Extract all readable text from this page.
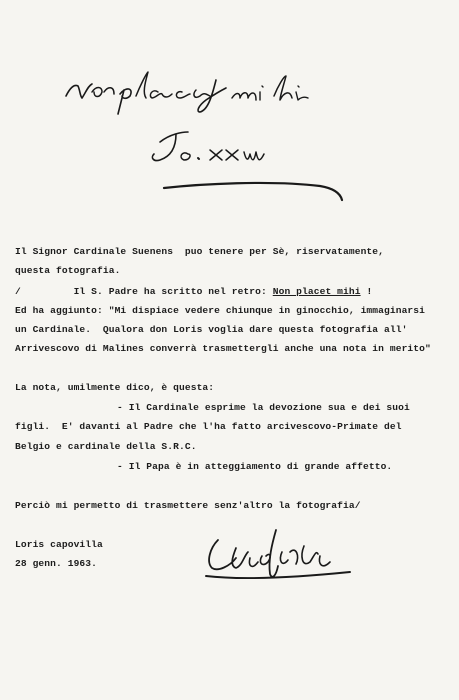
Il Signor Cardinale Suenens  puo tenere per Sè, riservatamente,
questa fotografia.
/	Il S. Padre ha scritto nel retro: Non placet mihi !
Ed ha aggiunto: "Mi dispiace vedere chiunque in ginocchio, immaginarsi
un Cardinale.  Qualora don Loris voglia dare questa fotografia all'
Arrivescovo di Malines converrà trasmettergli anche una nota in merito"
La nota, umilmente dico, è questa:
- Il Cardinale esprime la devozione sua e dei suoi
figli.  E' davanti al Padre che l'ha fatto arcivescovo-Primate del
Belgio e cardinale della S.R.C.
- Il Papa è in atteggiamento di grande affetto.
Perciò mi permetto di trasmettere senz'altro la fotografia/
Loris capovilla
28 genn. 1963.
